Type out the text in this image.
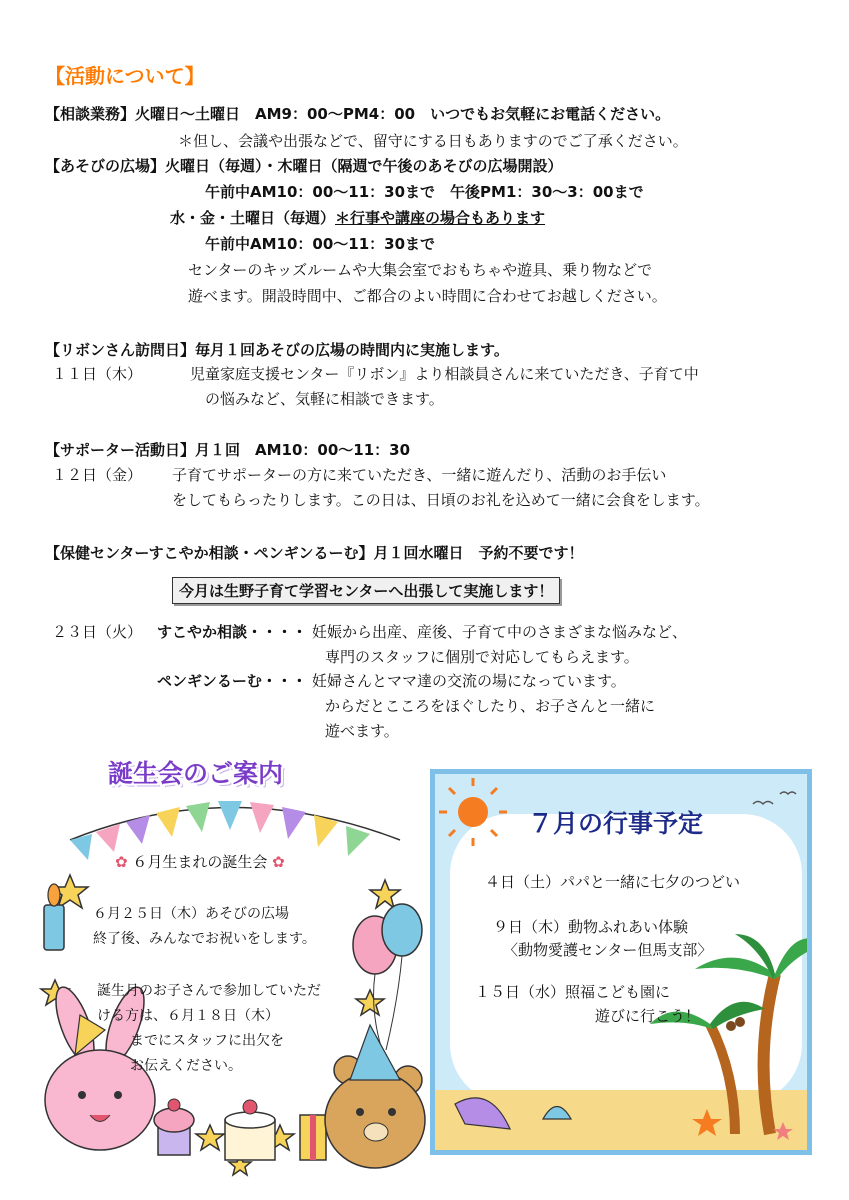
【活動について】
【相談業務】火曜日～土曜日　AM9：00～PM4：00　いつでもお気軽にお電話ください。
＊但し、会議や出張などで、留守にする日もありますのでご了承ください。
【あそびの広場】火曜日（毎週）・木曜日（隔週で午後のあそびの広場開設）
午前中AM10：00～11：30まで　午後PM1：30～3：00まで
水・金・土曜日（毎週）＊行事や講座の場合もあります
午前中AM10：00～11：30まで
センターのキッズルームや大集会室でおもちゃや遊具、乗り物などで
遊べます。開設時間中、ご都合のよい時間に合わせてお越しください。
【リボンさん訪問日】毎月１回あそびの広場の時間内に実施します。
１１日（木）	児童家庭支援センター『リボン』より相談員さんに来ていただき、子育て中
の悩みなど、気軽に相談できます。
【サポーター活動日】月１回　AM10：00～11：30
１２日（金） 子育てサポーターの方に来ていただき、一緒に遊んだり、活動のお手伝い
をしてもらったりします。この日は、日頃のお礼を込めて一緒に会食をします。
【保健センターすこやか相談・ペンギンるーむ】月１回水曜日　予約不要です！
今月は生野子育て学習センターへ出張して実施します！
２３日（火） すこやか相談・・・・ 妊娠から出産、産後、子育て中のさまざまな悩みなど、
専門のスタッフに個別で対応してもらえます。
ペンギンるーむ・・・ 妊婦さんとママ達の交流の場になっています。
からだとこころをほぐしたり、お子さんと一緒に
遊べます。
誕生会のご案内
✿ ６月生まれの誕生会 ✿
６月２５日（木）あそびの広場
終了後、みんなでお祝いをします。
誕生月のお子さんで参加していただ
ける方は、６月１８日（木）
までにスタッフに出欠を
お伝えください。
７月の行事予定
４日（土）パパと一緒に七夕のつどい
９日（木）動物ふれあい体験
〈動物愛護センター但馬支部〉
１５日（水）照福こども園に
遊びに行こう！
